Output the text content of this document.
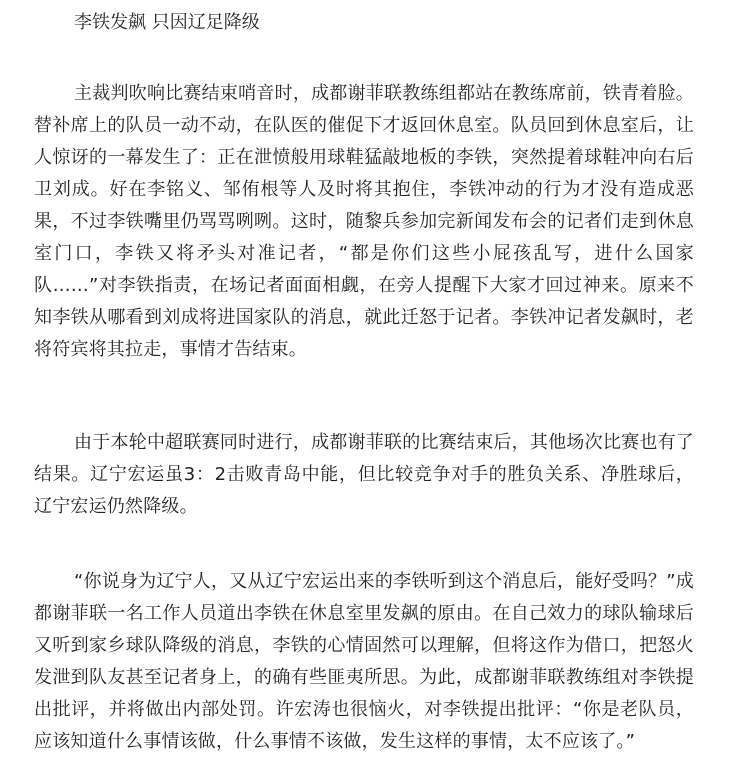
李铁发飙 只因辽足降级

主裁判吹响比赛结束哨音时，成都谢菲联教练组都站在教练席前，铁青着脸。替补席上的队员一动不动，在队医的催促下才返回休息室。队员回到休息室后，让人惊讶的一幕发生了：正在泄愤般用球鞋猛敲地板的李铁，突然提着球鞋冲向右后卫刘成。好在李铭义、邹侑根等人及时将其抱住，李铁冲动的行为才没有造成恶果，不过李铁嘴里仍骂骂咧咧。这时，随黎兵参加完新闻发布会的记者们走到休息室门口，李铁又将矛头对准记者，“都是你们这些小屁孩乱写，进什么国家队……”对李铁指责，在场记者面面相觑，在旁人提醒下大家才回过神来。原来不知李铁从哪看到刘成将进国家队的消息，就此迁怒于记者。李铁冲记者发飙时，老将符宾将其拉走，事情才告结束。

由于本轮中超联赛同时进行，成都谢菲联的比赛结束后，其他场次比赛也有了结果。辽宁宏运虽3：2击败青岛中能，但比较竞争对手的胜负关系、净胜球后，辽宁宏运仍然降级。

“你说身为辽宁人，又从辽宁宏运出来的李铁听到这个消息后，能好受吗？”成都谢菲联一名工作人员道出李铁在休息室里发飙的原由。在自己效力的球队输球后又听到家乡球队降级的消息，李铁的心情固然可以理解，但将这作为借口，把怒火发泄到队友甚至记者身上，的确有些匪夷所思。为此，成都谢菲联教练组对李铁提出批评，并将做出内部处罚。许宏涛也很恼火，对李铁提出批评：“你是老队员，应该知道什么事情该做，什么事情不该做，发生这样的事情，太不应该了。”
